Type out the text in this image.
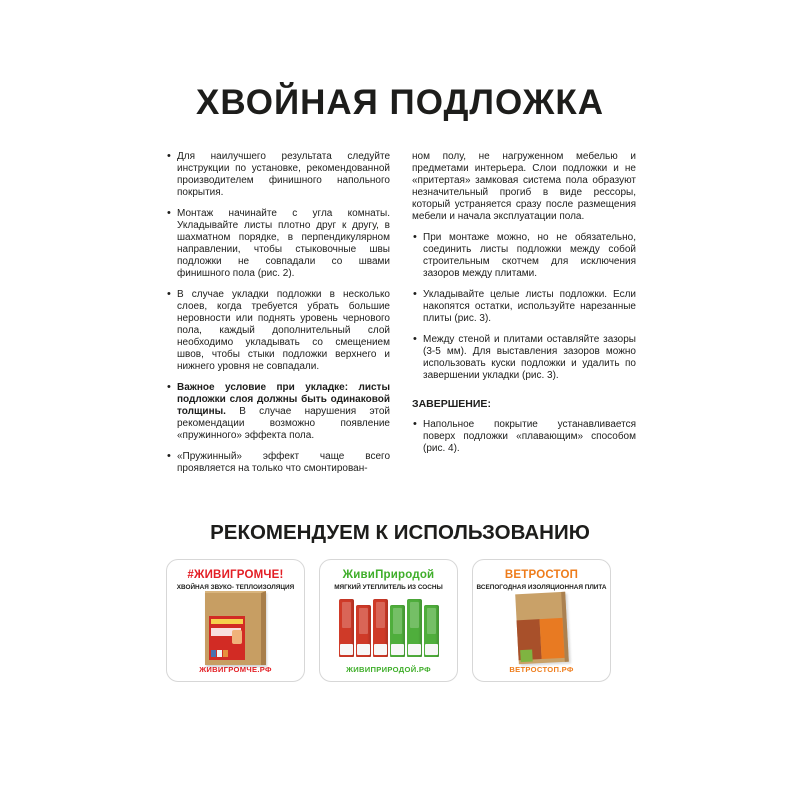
ХВОЙНАЯ ПОДЛОЖКА
• Для наилучшего результата следуйте инструкции по установке, рекомендованной производителем финишного напольного покрытия.
• Монтаж начинайте с угла комнаты. Укладывайте листы плотно друг к другу, в шахматном порядке, в перпендикулярном направлении, чтобы стыковочные швы подложки не совпадали со швами финишного пола (рис. 2).
• В случае укладки подложки в несколько слоев, когда требуется убрать большие неровности или поднять уровень чернового пола, каждый дополнительный слой необходимо укладывать со смещением швов, чтобы стыки подложки верхнего и нижнего уровня не совпадали.
• Важное условие при укладке: листы подложки слоя должны быть одинаковой толщины. В случае нарушения этой рекомендации возможно появление «пружинного» эффекта пола.
• «Пружинный» эффект чаще всего проявляется на только что смонтирован-
ном полу, не нагруженном мебелью и предметами интерьера. Слои подложки и не «притертая» замковая система пола образуют незначительный прогиб в виде рессоры, который устраняется сразу после размещения мебели и начала эксплуатации пола.
• При монтаже можно, но не обязательно, соединить листы подложки между собой строительным скотчем для исключения зазоров между плитами.
• Укладывайте целые листы подложки. Если накопятся остатки, используйте нарезанные плиты (рис. 3).
• Между стеной и плитами оставляйте зазоры (3-5 мм). Для выставления зазоров можно использовать куски подложки и удалить по завершении укладки (рис. 3).
ЗАВЕРШЕНИЕ:
• Напольное покрытие устанавливается поверх подложки «плавающим» способом (рис. 4).
РЕКОМЕНДУЕМ К ИСПОЛЬЗОВАНИЮ
#ЖИВИГРОМЧЕ!
ХВОЙНАЯ ЗВУКО- ТЕПЛОИЗОЛЯЦИЯ
ЖИВИГРОМЧЕ.РФ
ЖивиПриродой
МЯГКИЙ УТЕПЛИТЕЛЬ ИЗ СОСНЫ
ЖИВИПРИРОДОЙ.РФ
ВЕТРОСТОП
ВСЕПОГОДНАЯ ИЗОЛЯЦИОННАЯ ПЛИТА
ВЕТРОСТОП.РФ
